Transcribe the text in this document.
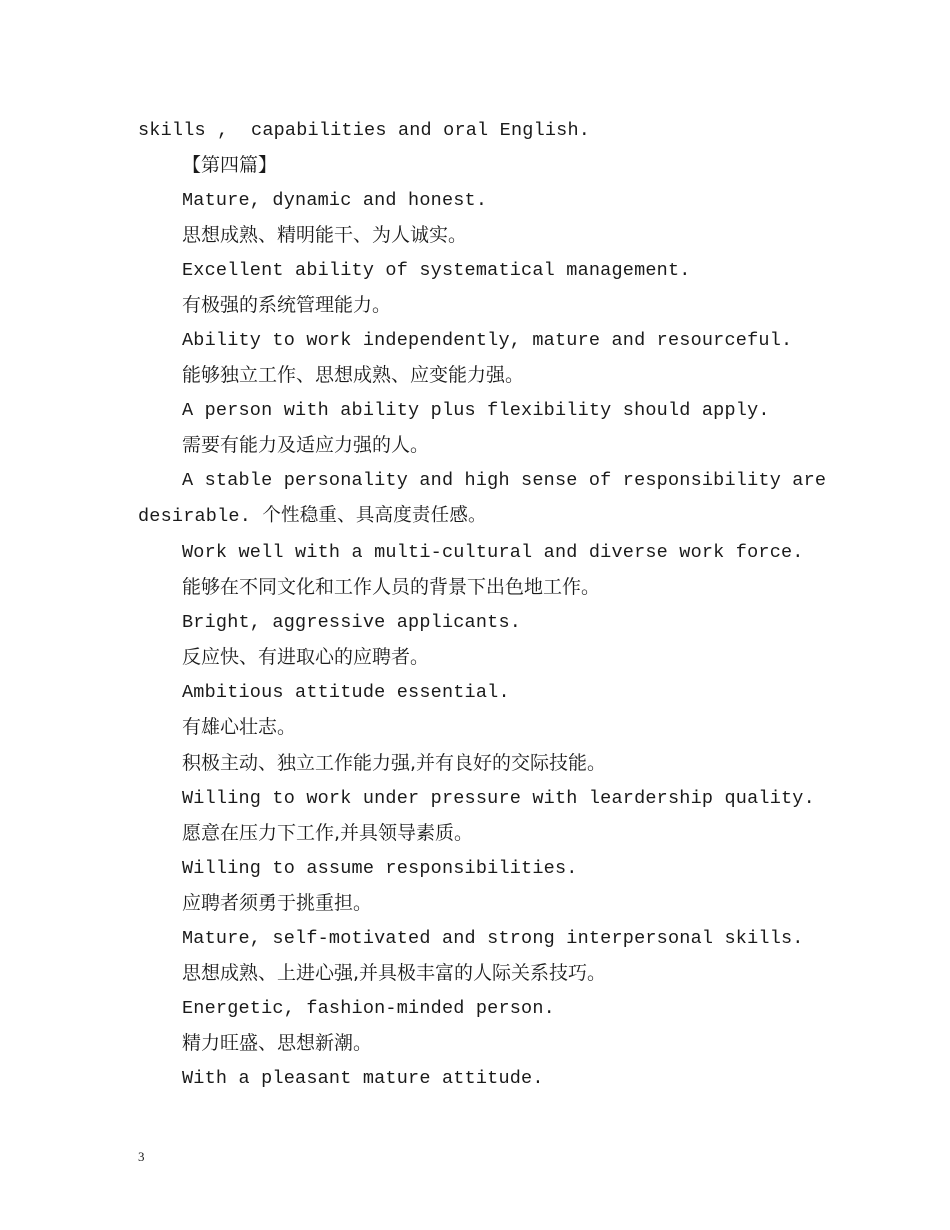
skills ,  capabilities and oral English.
【第四篇】
Mature, dynamic and honest.
思想成熟、精明能干、为人诚实。
Excellent ability of systematical management.
有极强的系统管理能力。
Ability to work independently, mature and resourceful.
能够独立工作、思想成熟、应变能力强。
A person with ability plus flexibility should apply.
需要有能力及适应力强的人。
A stable personality and high sense of responsibility are
desirable. 个性稳重、具高度责任感。
Work well with a multi-cultural and diverse work force.
能够在不同文化和工作人员的背景下出色地工作。
Bright, aggressive applicants.
反应快、有进取心的应聘者。
Ambitious attitude essential.
有雄心壮志。
积极主动、独立工作能力强,并有良好的交际技能。
Willing to work under pressure with leardership quality.
愿意在压力下工作,并具领导素质。
Willing to assume responsibilities.
应聘者须勇于挑重担。
Mature, self-motivated and strong interpersonal skills.
思想成熟、上进心强,并具极丰富的人际关系技巧。
Energetic, fashion-minded person.
精力旺盛、思想新潮。
With a pleasant mature attitude.
3
